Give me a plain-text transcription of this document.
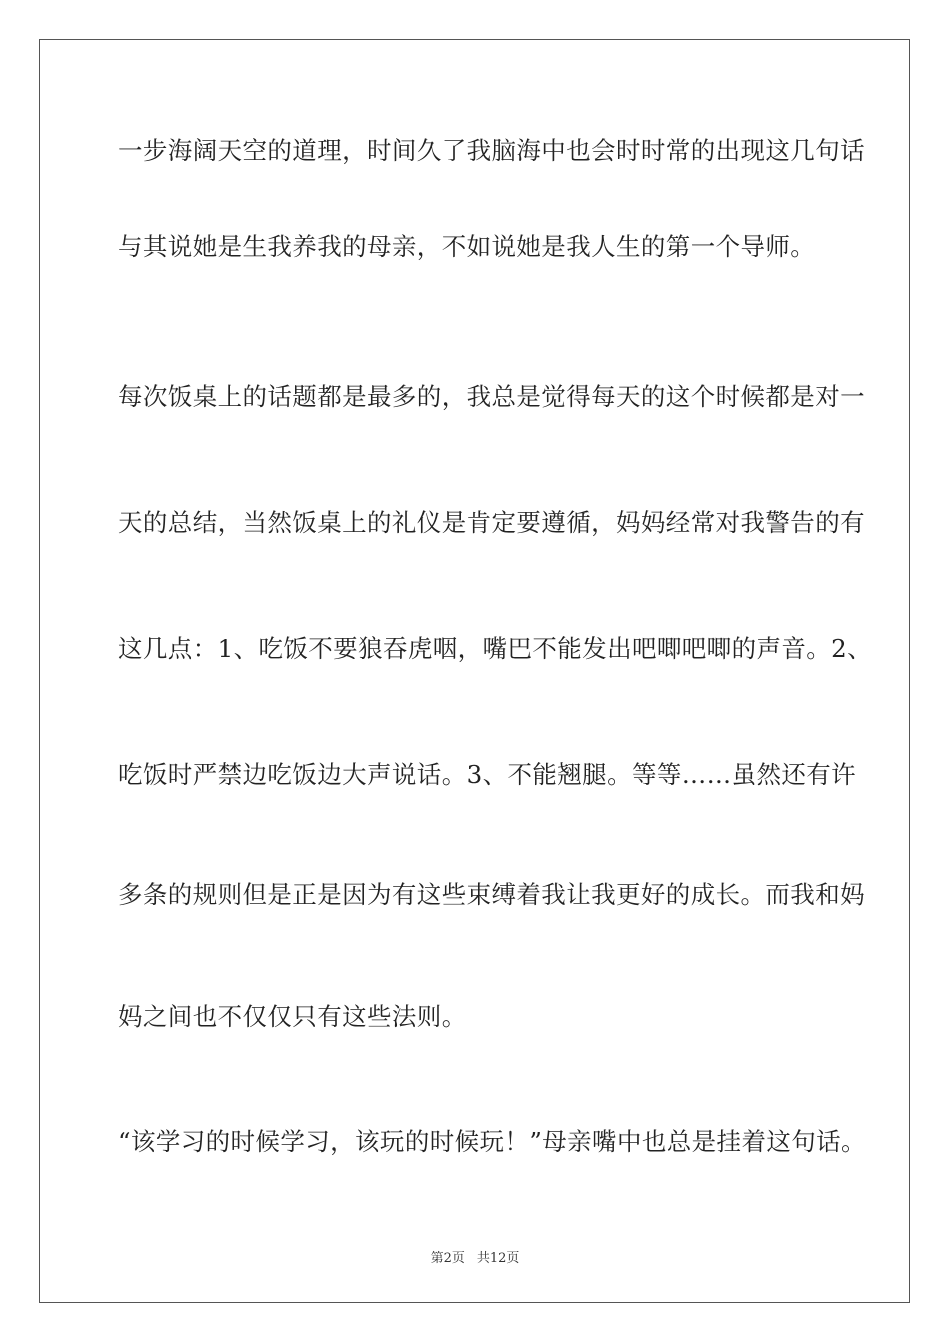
一步海阔天空的道理，时间久了我脑海中也会时时常的出现这几句话
与其说她是生我养我的母亲，不如说她是我人生的第一个导师。
每次饭桌上的话题都是最多的，我总是觉得每天的这个时候都是对一
天的总结，当然饭桌上的礼仪是肯定要遵循，妈妈经常对我警告的有
这几点：1、吃饭不要狼吞虎咽，嘴巴不能发出吧唧吧唧的声音。2、
吃饭时严禁边吃饭边大声说话。3、不能翘腿。等等……虽然还有许
多条的规则但是正是因为有这些束缚着我让我更好的成长。而我和妈
妈之间也不仅仅只有这些法则。
“该学习的时候学习，该玩的时候玩！”母亲嘴中也总是挂着这句话。
第2页 共12页
